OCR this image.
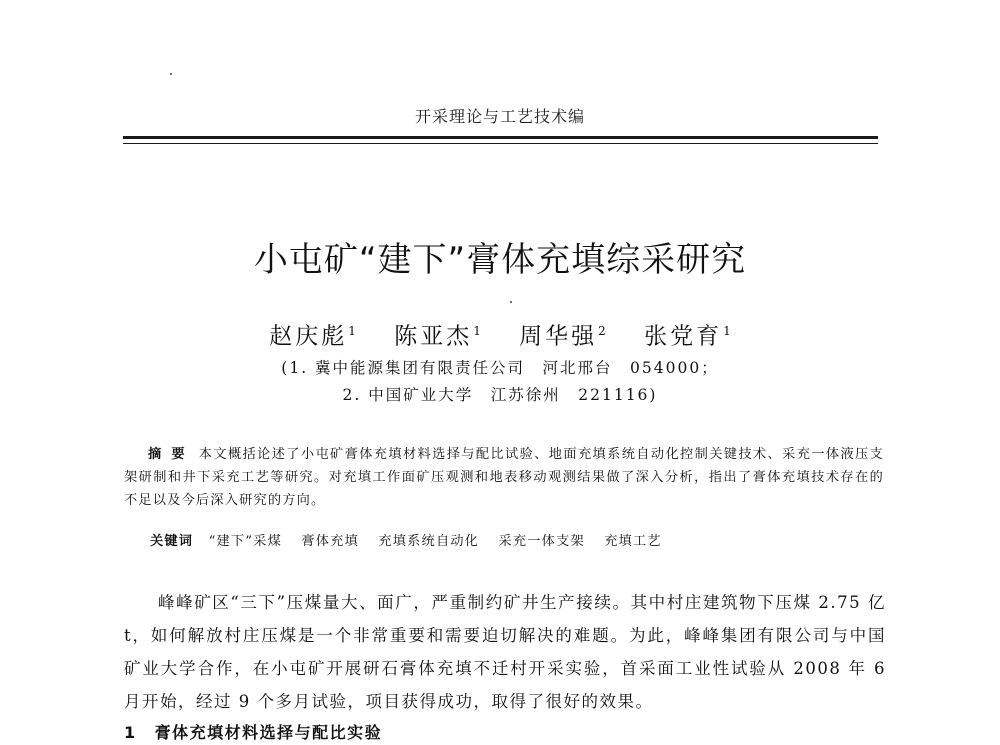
开采理论与工艺技术编
小屯矿“建下”膏体充填综采研究
赵庆彪$^1$ 陈亚杰$^1$ 周华强$^2$ 张党育$^1$
(1. 冀中能源集团有限责任公司　河北邢台　054000；
2. 中国矿业大学　江苏徐州　221116)
摘要 本文概括论述了小屯矿膏体充填材料选择与配比试验、地面充填系统自动化控制关键技术、采充一体液压支架研制和井下采充工艺等研究。对充填工作面矿压观测和地表移动观测结果做了深入分析，指出了膏体充填技术存在的不足以及今后深入研究的方向。
关键词 “建下”采煤 膏体充填 充填系统自动化 采充一体支架 充填工艺
峰峰矿区“三下”压煤量大、面广，严重制约矿井生产接续。其中村庄建筑物下压煤 2.75 亿 t，如何解放村庄压煤是一个非常重要和需要迫切解决的难题。为此，峰峰集团有限公司与中国矿业大学合作，在小屯矿开展研石膏体充填不迁村开采实验，首采面工业性试验从 2008 年 6 月开始，经过 9 个多月试验，项目获得成功，取得了很好的效果。
1 膏体充填材料选择与配比实验
